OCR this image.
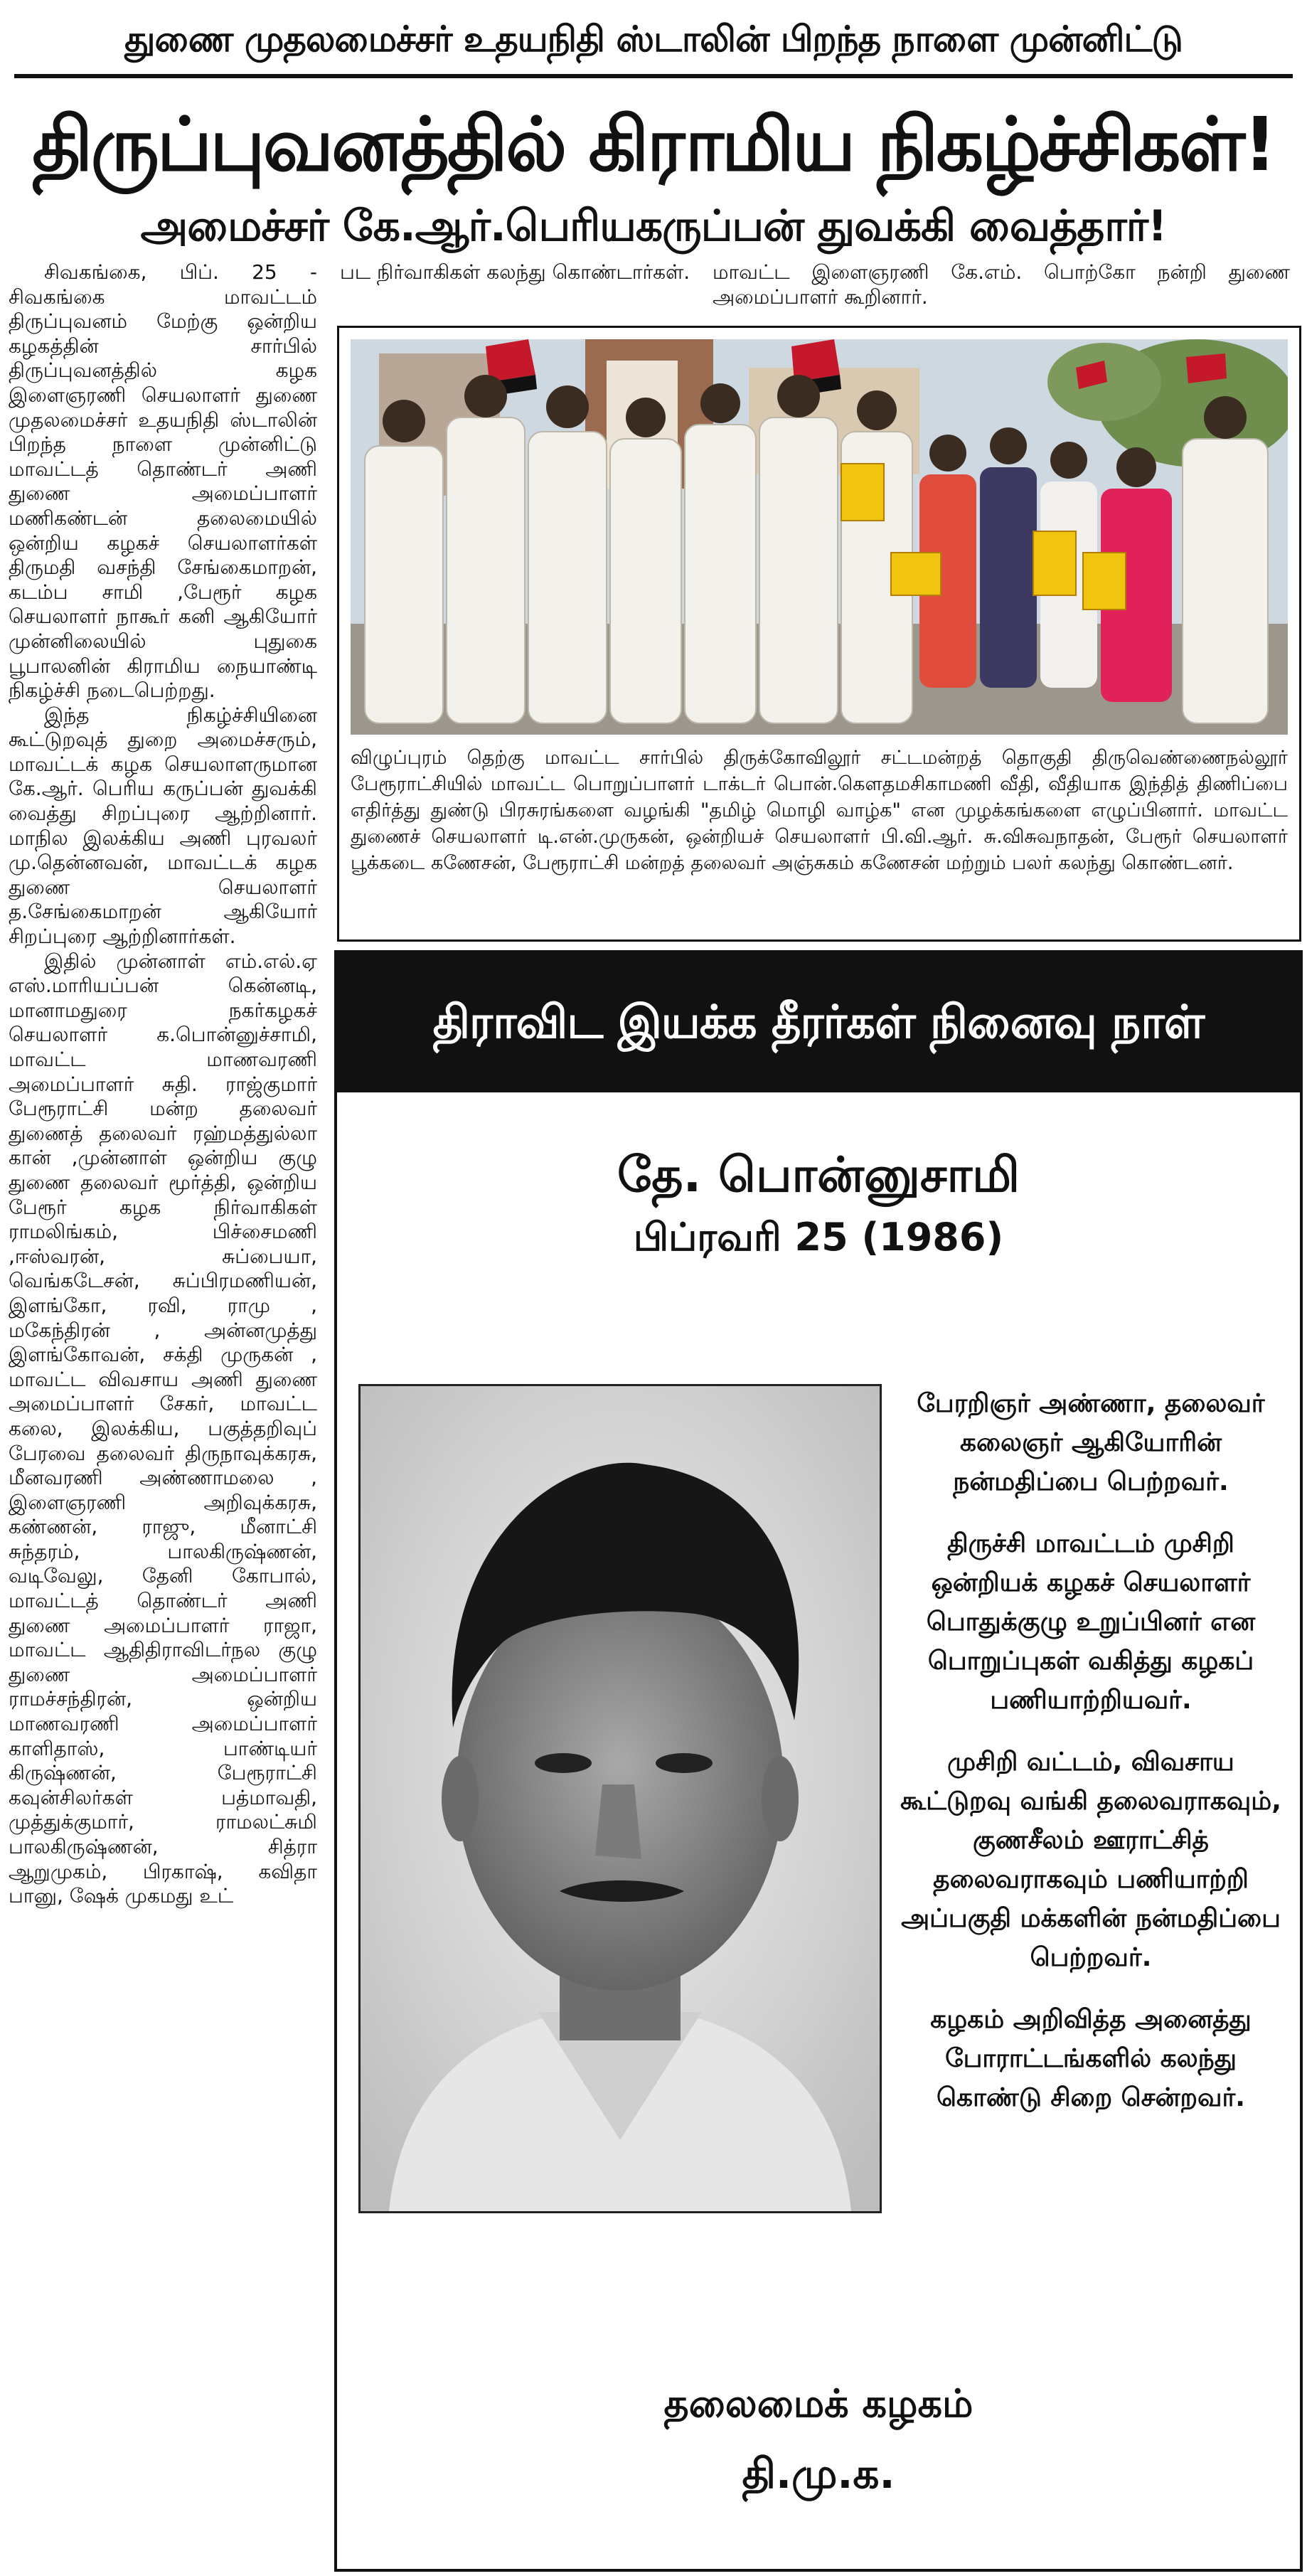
துணை முதலமைச்சர் உதயநிதி ஸ்டாலின் பிறந்த நாளை முன்னிட்டு
திருப்புவனத்தில் கிராமிய நிகழ்ச்சிகள்!
அமைச்சர் கே.ஆர்.பெரியகருப்பன் துவக்கி வைத்தார்!

சிவகங்கை, பிப். 25 - சிவகங்கை மாவட்டம் திருப்புவனம் மேற்கு ஒன்றிய கழகத்தின் சார்பில் திருப்புவனத்தில் கழக இளைஞரணி செயலாளர் துணை முதலமைச்சர் உதயநிதி ஸ்டாலின் பிறந்த நாளை முன்னிட்டு மாவட்டத் தொண்டர் அணி துணை அமைப்பாளர் மணிகண்டன் தலைமையில் ஒன்றிய கழகச் செயலாளர்கள் திருமதி வசந்தி சேங்கைமாறன், கடம்ப சாமி ,பேரூர் கழக செயலாளர் நாகூர் கனி ஆகியோர் முன்னிலையில் புதுகை பூபாலனின் கிராமிய நையாண்டி நிகழ்ச்சி நடைபெற்றது.

இந்த நிகழ்ச்சியினை கூட்டுறவுத் துறை அமைச்சரும், மாவட்டக் கழக செயலாளருமான கே.ஆர். பெரிய கருப்பன் துவக்கி வைத்து சிறப்புரை ஆற்றினார். மாநில இலக்கிய அணி புரவலர் மு.தென்னவன், மாவட்டக் கழக துணை செயலாளர் த.சேங்கைமாறன் ஆகியோர் சிறப்புரை ஆற்றினார்கள்.

இதில் முன்னாள் எம்.எல்.ஏ எஸ்.மாரியப்பன் கென்னடி, மானாமதுரை நகர்கழகச் செயலாளர் க.பொன்னுச்சாமி, மாவட்ட மாணவரணி அமைப்பாளர் சுதி. ராஜ்குமார் பேரூராட்சி மன்ற தலைவர் துணைத் தலைவர் ரஹ்மத்துல்லா கான் ,முன்னாள் ஒன்றிய குழு துணை தலைவர் மூர்த்தி, ஒன்றிய பேரூர் கழக நிர்வாகிகள் ராமலிங்கம், பிச்சைமணி ,ஈஸ்வரன், சுப்பையா, வெங்கடேசன், சுப்பிரமணியன், இளங்கோ, ரவி, ராமு , மகேந்திரன் , அன்னமுத்து இளங்கோவன், சக்தி முருகன் , மாவட்ட விவசாய அணி துணை அமைப்பாளர் சேகர், மாவட்ட கலை, இலக்கிய, பகுத்தறிவுப் பேரவை தலைவர் திருநாவுக்கரசு, மீனவரணி அண்ணாமலை , இளைஞரணி அறிவுக்கரசு, கண்ணன், ராஜு, மீனாட்சி சுந்தரம், பாலகிருஷ்ணன், வடிவேலு, தேனி கோபால், மாவட்டத் தொண்டர் அணி துணை அமைப்பாளர் ராஜா, மாவட்ட ஆதிதிராவிடர்நல குழு துணை அமைப்பாளர் ராமச்சந்திரன், ஒன்றிய மாணவரணி அமைப்பாளர் காளிதாஸ், பாண்டியர் கிருஷ்ணன், பேரூராட்சி கவுன்சிலர்கள் பத்மாவதி, முத்துக்குமார், ராமலட்சுமி பாலகிருஷ்ணன், சித்ரா ஆறுமுகம், பிரகாஷ், கவிதா பானு, ஷேக் முகமது உட்

பட நிர்வாகிகள் கலந்து கொண்டார்கள்.	மாவட்ட இளைஞரணி கே.எம். பொற்கோ நன்றி துணை அமைப்பாளர் கூறினார்.
விழுப்புரம் தெற்கு மாவட்ட சார்பில் திருக்கோவிலூர் சட்டமன்றத் தொகுதி திருவெண்ணைநல்லூர் பேரூராட்சியில் மாவட்ட பொறுப்பாளர் டாக்டர் பொன்.கௌதமசிகாமணி வீதி, வீதியாக இந்தித் திணிப்பை எதிர்த்து துண்டு பிரசுரங்களை வழங்கி "தமிழ் மொழி வாழ்க" என முழக்கங்களை எழுப்பினார். மாவட்ட துணைச் செயலாளர் டி.என்.முருகன், ஒன்றியச் செயலாளர் பி.வி.ஆர். சு.விசுவநாதன், பேரூர் செயலாளர் பூக்கடை கணேசன், பேரூராட்சி மன்றத் தலைவர் அஞ்சுகம் கணேசன் மற்றும் பலர் கலந்து கொண்டனர்.
திராவிட இயக்க தீரர்கள் நினைவு நாள்
தே. பொன்னுசாமி
பிப்ரவரி 25 (1986)

பேரறிஞர் அண்ணா, தலைவர் கலைஞர் ஆகியோரின் நன்மதிப்பை பெற்றவர்.

திருச்சி மாவட்டம் முசிறி ஒன்றியக் கழகச் செயலாளர் பொதுக்குழு உறுப்பினர் என பொறுப்புகள் வகித்து கழகப் பணியாற்றியவர்.

முசிறி வட்டம், விவசாய கூட்டுறவு வங்கி தலைவராகவும், குணசீலம் ஊராட்சித் தலைவராகவும் பணியாற்றி அப்பகுதி மக்களின் நன்மதிப்பை பெற்றவர்.

கழகம் அறிவித்த அனைத்து போராட்டங்களில் கலந்து கொண்டு சிறை சென்றவர்.

தலைமைக் கழகம்
தி.மு.க.
